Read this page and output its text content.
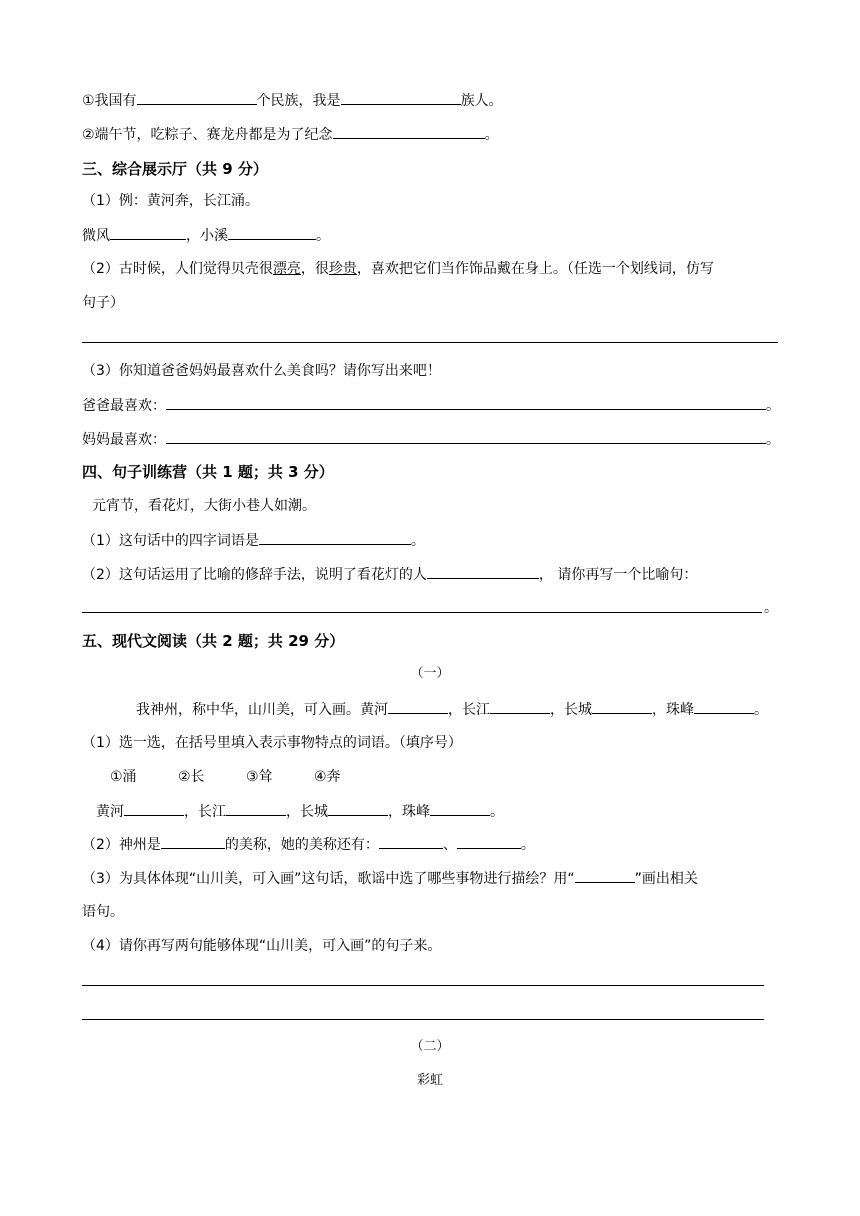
①我国有	个民族，我是	族人。
②端午节，吃粽子、赛龙舟都是为了纪念	。
三、综合展示厅（共 9 分）
（1）例：黄河奔，长江涌。
微风	，小溪	。
（2）古时候，人们觉得贝壳很漂亮，很珍贵，喜欢把它们当作饰品戴在身上。（任选一个划线词，仿写
句子）
（3）你知道爸爸妈妈最喜欢什么美食吗？请你写出来吧！
爸爸最喜欢：	。
妈妈最喜欢：	。
四、句子训练营（共 1 题；共 3 分）
元宵节，看花灯，大街小巷人如潮。
（1）这句话中的四字词语是	。
（2）这句话运用了比喻的修辞手法，说明了看花灯的人	， 请你再写一个比喻句：
。
五、现代文阅读（共 2 题；共 29 分）
（一）
我神州，称中华，山川美，可入画。黄河	，长江	，长城	，珠峰	。
（1）选一选，在括号里填入表示事物特点的词语。（填序号）
①涌	②长	③耸	④奔
黄河	，长江	，长城	，珠峰	。
（2）神州是	的美称，她的美称还有：	、	。
（3）为具体体现“山川美，可入画”这句话，歌谣中选了哪些事物进行描绘？用“	”画出相关
语句。
（4）请你再写两句能够体现“山川美，可入画”的句子来。
（二）
彩虹
